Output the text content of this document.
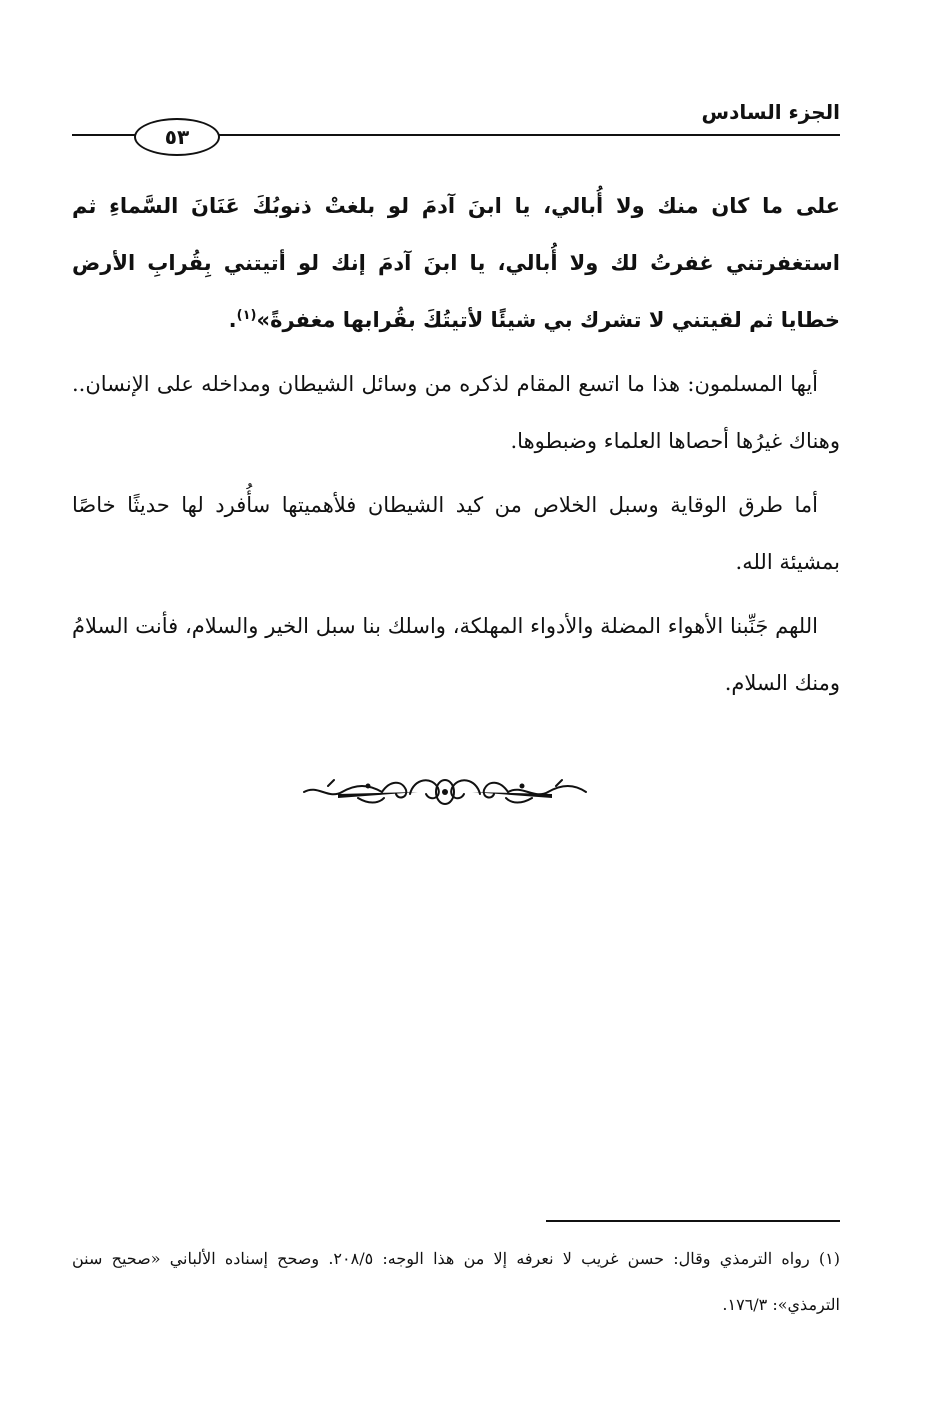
الجزء السادس
٥٣

على ما كان منك ولا أُبالي، يا ابنَ آدمَ لو بلغتْ ذنوبُكَ عَنَانَ السَّماءِ ثم استغفرتني غفرتُ لك ولا أُبالي، يا ابنَ آدمَ إنك لو أتيتني بِقُرابِ الأرض خطايا ثم لقيتني لا تشرك بي شيئًا لأتيتُكَ بقُرابها مغفرةً»$^{(١)}$.

أيها المسلمون: هذا ما اتسع المقام لذكره من وسائل الشيطان ومداخله على الإنسان.. وهناك غيرُها أحصاها العلماء وضبطوها.

أما طرق الوقاية وسبل الخلاص من كيد الشيطان فلأهميتها سأُفرد لها حديثًا خاصًا بمشيئة الله.

اللهم جَنِّبنا الأهواء المضلة والأدواء المهلكة، واسلك بنا سبل الخير والسلام، فأنت السلامُ ومنك السلام.

(١) رواه الترمذي وقال: حسن غريب لا نعرفه إلا من هذا الوجه: ٢٠٨/٥. وصحح إسناده الألباني «صحيح سنن الترمذي»: ١٧٦/٣.
